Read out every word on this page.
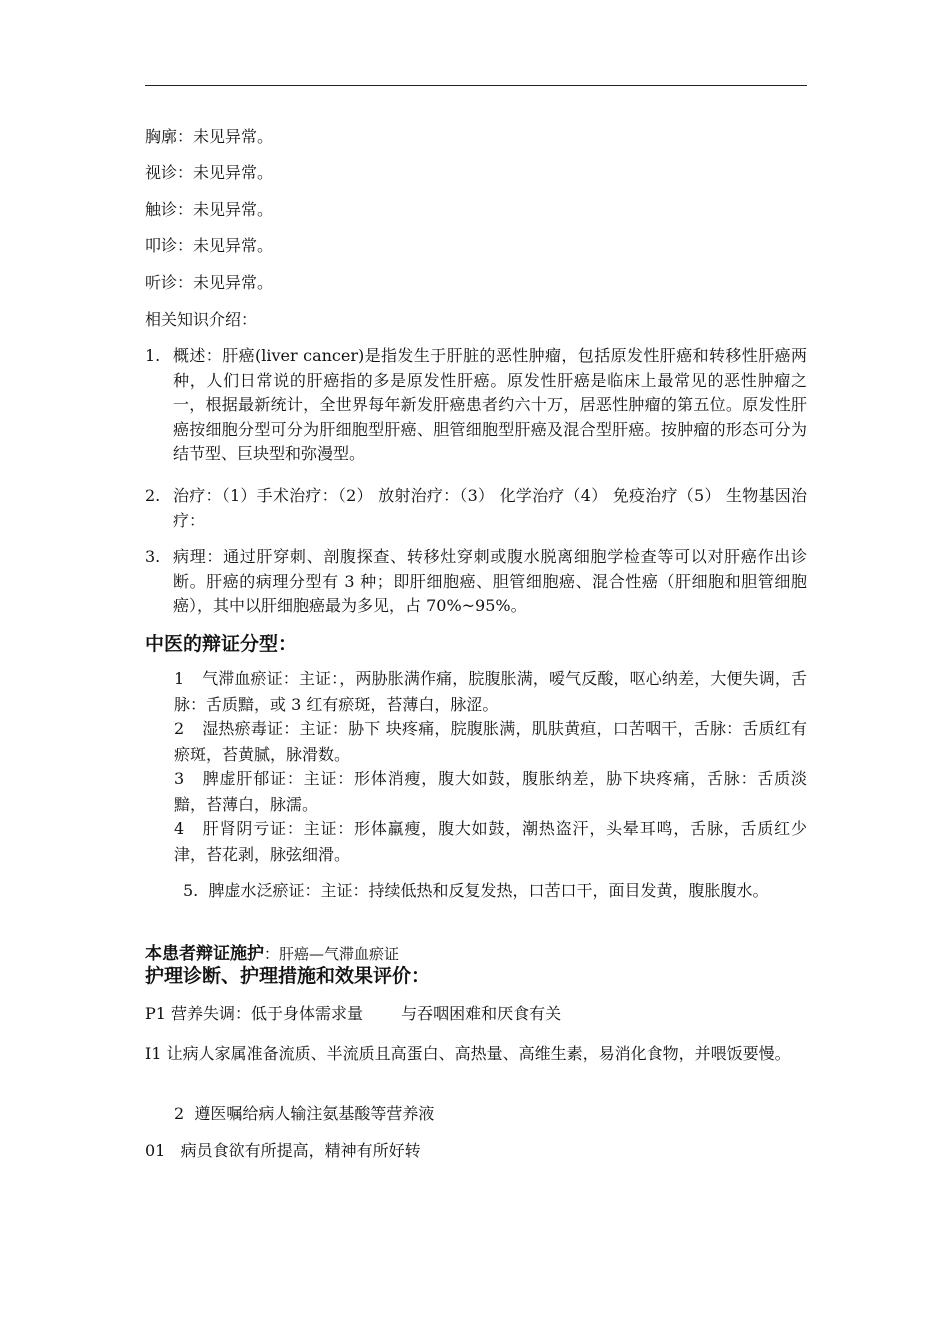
胸廓：未见异常。
视诊：未见异常。
触诊：未见异常。
叩诊：未见异常。
听诊：未见异常。
相关知识介绍：
1. 概述：肝癌(liver cancer)是指发生于肝脏的恶性肿瘤，包括原发性肝癌和转移性肝癌两种，人们日常说的肝癌指的多是原发性肝癌。原发性肝癌是临床上最常见的恶性肿瘤之一，根据最新统计，全世界每年新发肝癌患者约六十万，居恶性肿瘤的第五位。原发性肝癌按细胞分型可分为肝细胞型肝癌、胆管细胞型肝癌及混合型肝癌。按肿瘤的形态可分为结节型、巨块型和弥漫型。
2. 治疗：（1）手术治疗：（2） 放射治疗：（3） 化学治疗（4） 免疫治疗（5） 生物基因治疗：
3. 病理：通过肝穿刺、剖腹探查、转移灶穿刺或腹水脱离细胞学检查等可以对肝癌作出诊断。肝癌的病理分型有 3 种；即肝细胞癌、胆管细胞癌、混合性癌（肝细胞和胆管细胞癌），其中以肝细胞癌最为多见，占 70%~95%。
中医的辩证分型：
1 气滞血瘀证：主证：，两胁胀满作痛，脘腹胀满，嗳气反酸，呕心纳差，大便失调，舌脉：舌质黯，或 3 红有瘀斑，苔薄白，脉涩。
2 湿热瘀毒证：主证：胁下 块疼痛，脘腹胀满，肌肤黄疸，口苦咽干，舌脉：舌质红有瘀斑，苔黄腻，脉滑数。
3 脾虚肝郁证：主证：形体消瘦，腹大如鼓，腹胀纳差，胁下块疼痛，舌脉：舌质淡黯，苔薄白，脉濡。
4 肝肾阴亏证：主证：形体羸瘦，腹大如鼓，潮热盗汗，头晕耳鸣，舌脉，舌质红少津，苔花剥，脉弦细滑。
5. 脾虚水泛瘀证：主证：持续低热和反复发热，口苦口干，面目发黄，腹胀腹水。
本患者辩证施护：肝癌—气滞血瘀证
护理诊断、护理措施和效果评价：
P1 营养失调：低于身体需求量 与吞咽困难和厌食有关
I1 让病人家属准备流质、半流质且高蛋白、高热量、高维生素，易消化食物，并喂饭要慢。
2 遵医嘱给病人输注氨基酸等营养液
01 病员食欲有所提高，精神有所好转
